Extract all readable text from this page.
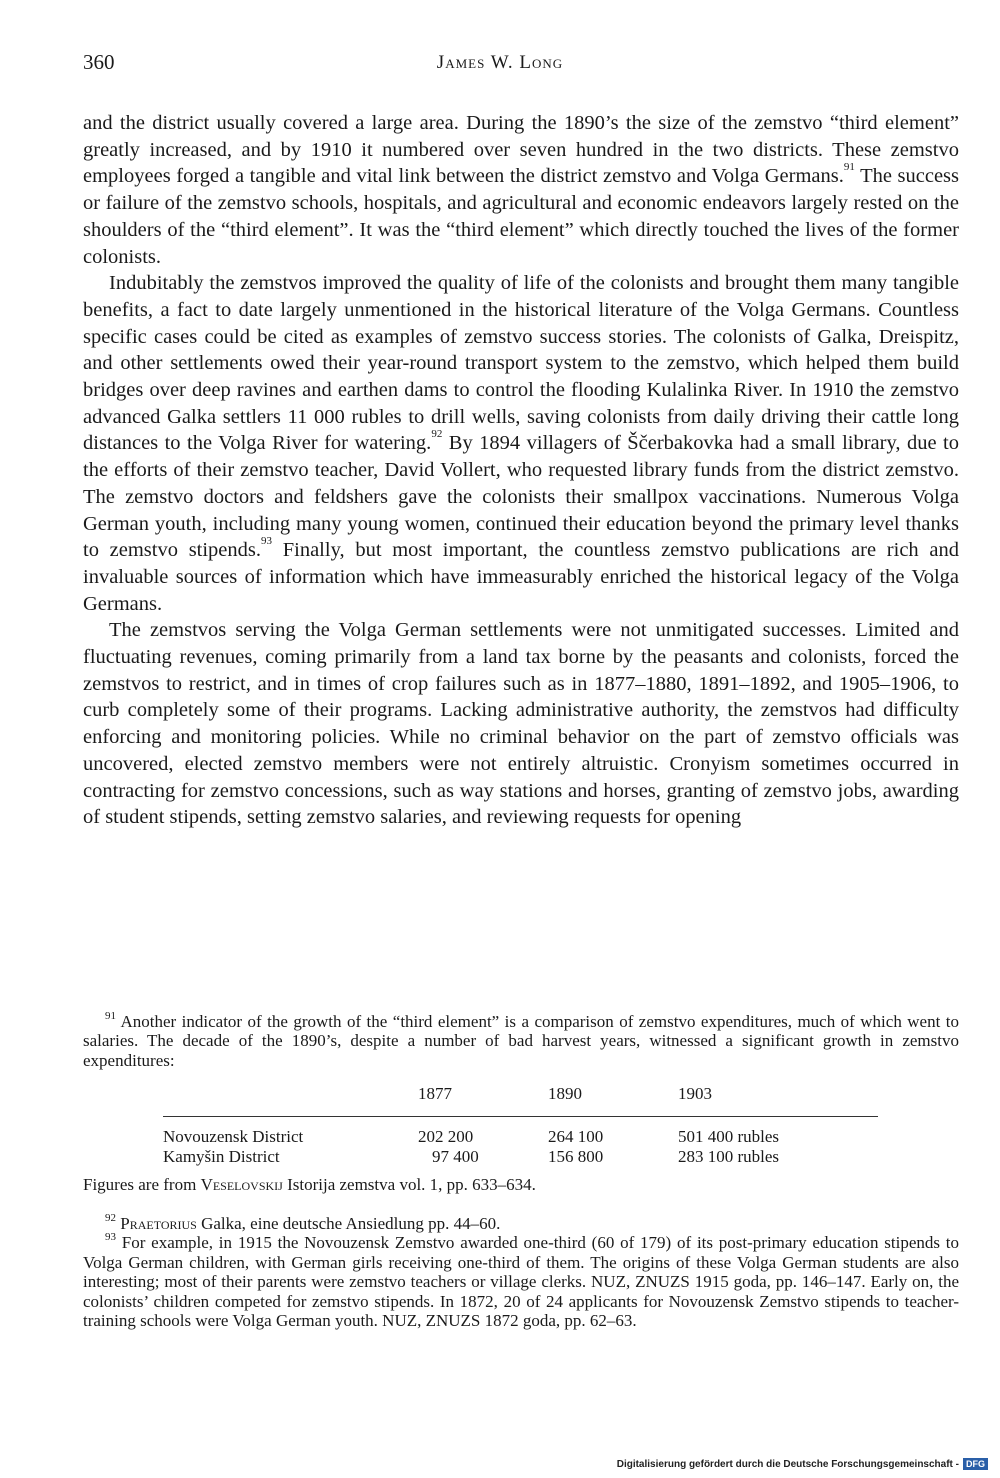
360	James W. Long

and the district usually covered a large area. During the 1890’s the size of the zemstvo “third element” greatly increased, and by 1910 it numbered over seven hundred in the two districts. These zemstvo employees forged a tangible and vital link between the district zemstvo and Volga Germans.$^{91}$ The success or failure of the zemstvo schools, hospitals, and agricultural and economic endeavors largely rested on the shoulders of the “third element”. It was the “third element” which directly touched the lives of the former colonists.

Indubitably the zemstvos improved the quality of life of the colonists and brought them many tangible benefits, a fact to date largely unmentioned in the historical literature of the Volga Germans. Countless specific cases could be cited as examples of zemstvo success stories. The colonists of Galka, Dreispitz, and other settlements owed their year-round transport system to the zemstvo, which helped them build bridges over deep ravines and earthen dams to control the flooding Kulalinka River. In 1910 the zemstvo advanced Galka settlers 11 000 rubles to drill wells, saving colonists from daily driving their cattle long distances to the Volga River for watering.$^{92}$ By 1894 villagers of Ščerbakovka had a small library, due to the efforts of their zemstvo teacher, David Vollert, who requested library funds from the district zemstvo. The zemstvo doctors and feldshers gave the colonists their smallpox vaccinations. Numerous Volga German youth, including many young women, continued their education beyond the primary level thanks to zemstvo stipends.$^{93}$ Finally, but most important, the countless zemstvo publications are rich and invaluable sources of information which have immeasurably enriched the historical legacy of the Volga Germans.

The zemstvos serving the Volga German settlements were not unmitigated successes. Limited and fluctuating revenues, coming primarily from a land tax borne by the peasants and colonists, forced the zemstvos to restrict, and in times of crop failures such as in 1877–1880, 1891–1892, and 1905–1906, to curb completely some of their programs. Lacking administrative authority, the zemstvos had difficulty enforcing and monitoring policies. While no criminal behavior on the part of zemstvo officials was uncovered, elected zemstvo members were not entirely altruistic. Cronyism sometimes occurred in contracting for zemstvo concessions, such as way stations and horses, granting of zemstvo jobs, awarding of student stipends, setting zemstvo salaries, and reviewing requests for opening

$^{91}$ Another indicator of the growth of the “third element” is a comparison of zemstvo expenditures, much of which went to salaries. The decade of the 1890’s, despite a number of bad harvest years, witnessed a significant growth in zemstvo expenditures:

	1877	1890	1903
Novouzensk District	202 200	264 100	501 400 rubles
Kamyšin District	97 400	156 800	283 100 rubles

Figures are from Veselovskij Istorija zemstva vol. 1, pp. 633–634.

$^{92}$ Praetorius Galka, eine deutsche Ansiedlung pp. 44–60.

$^{93}$ For example, in 1915 the Novouzensk Zemstvo awarded one-third (60 of 179) of its post-primary education stipends to Volga German children, with German girls receiving one-third of them. The origins of these Volga German students are also interesting; most of their parents were zemstvo teachers or village clerks. NUZ, ZNUZS 1915 goda, pp. 146–147. Early on, the colonists’ children competed for zemstvo stipends. In 1872, 20 of 24 applicants for Novouzensk Zemstvo stipends to teacher-training schools were Volga German youth. NUZ, ZNUZS 1872 goda, pp. 62–63.

Digitalisierung gefördert durch die Deutsche Forschungsgemeinschaft - DFG
